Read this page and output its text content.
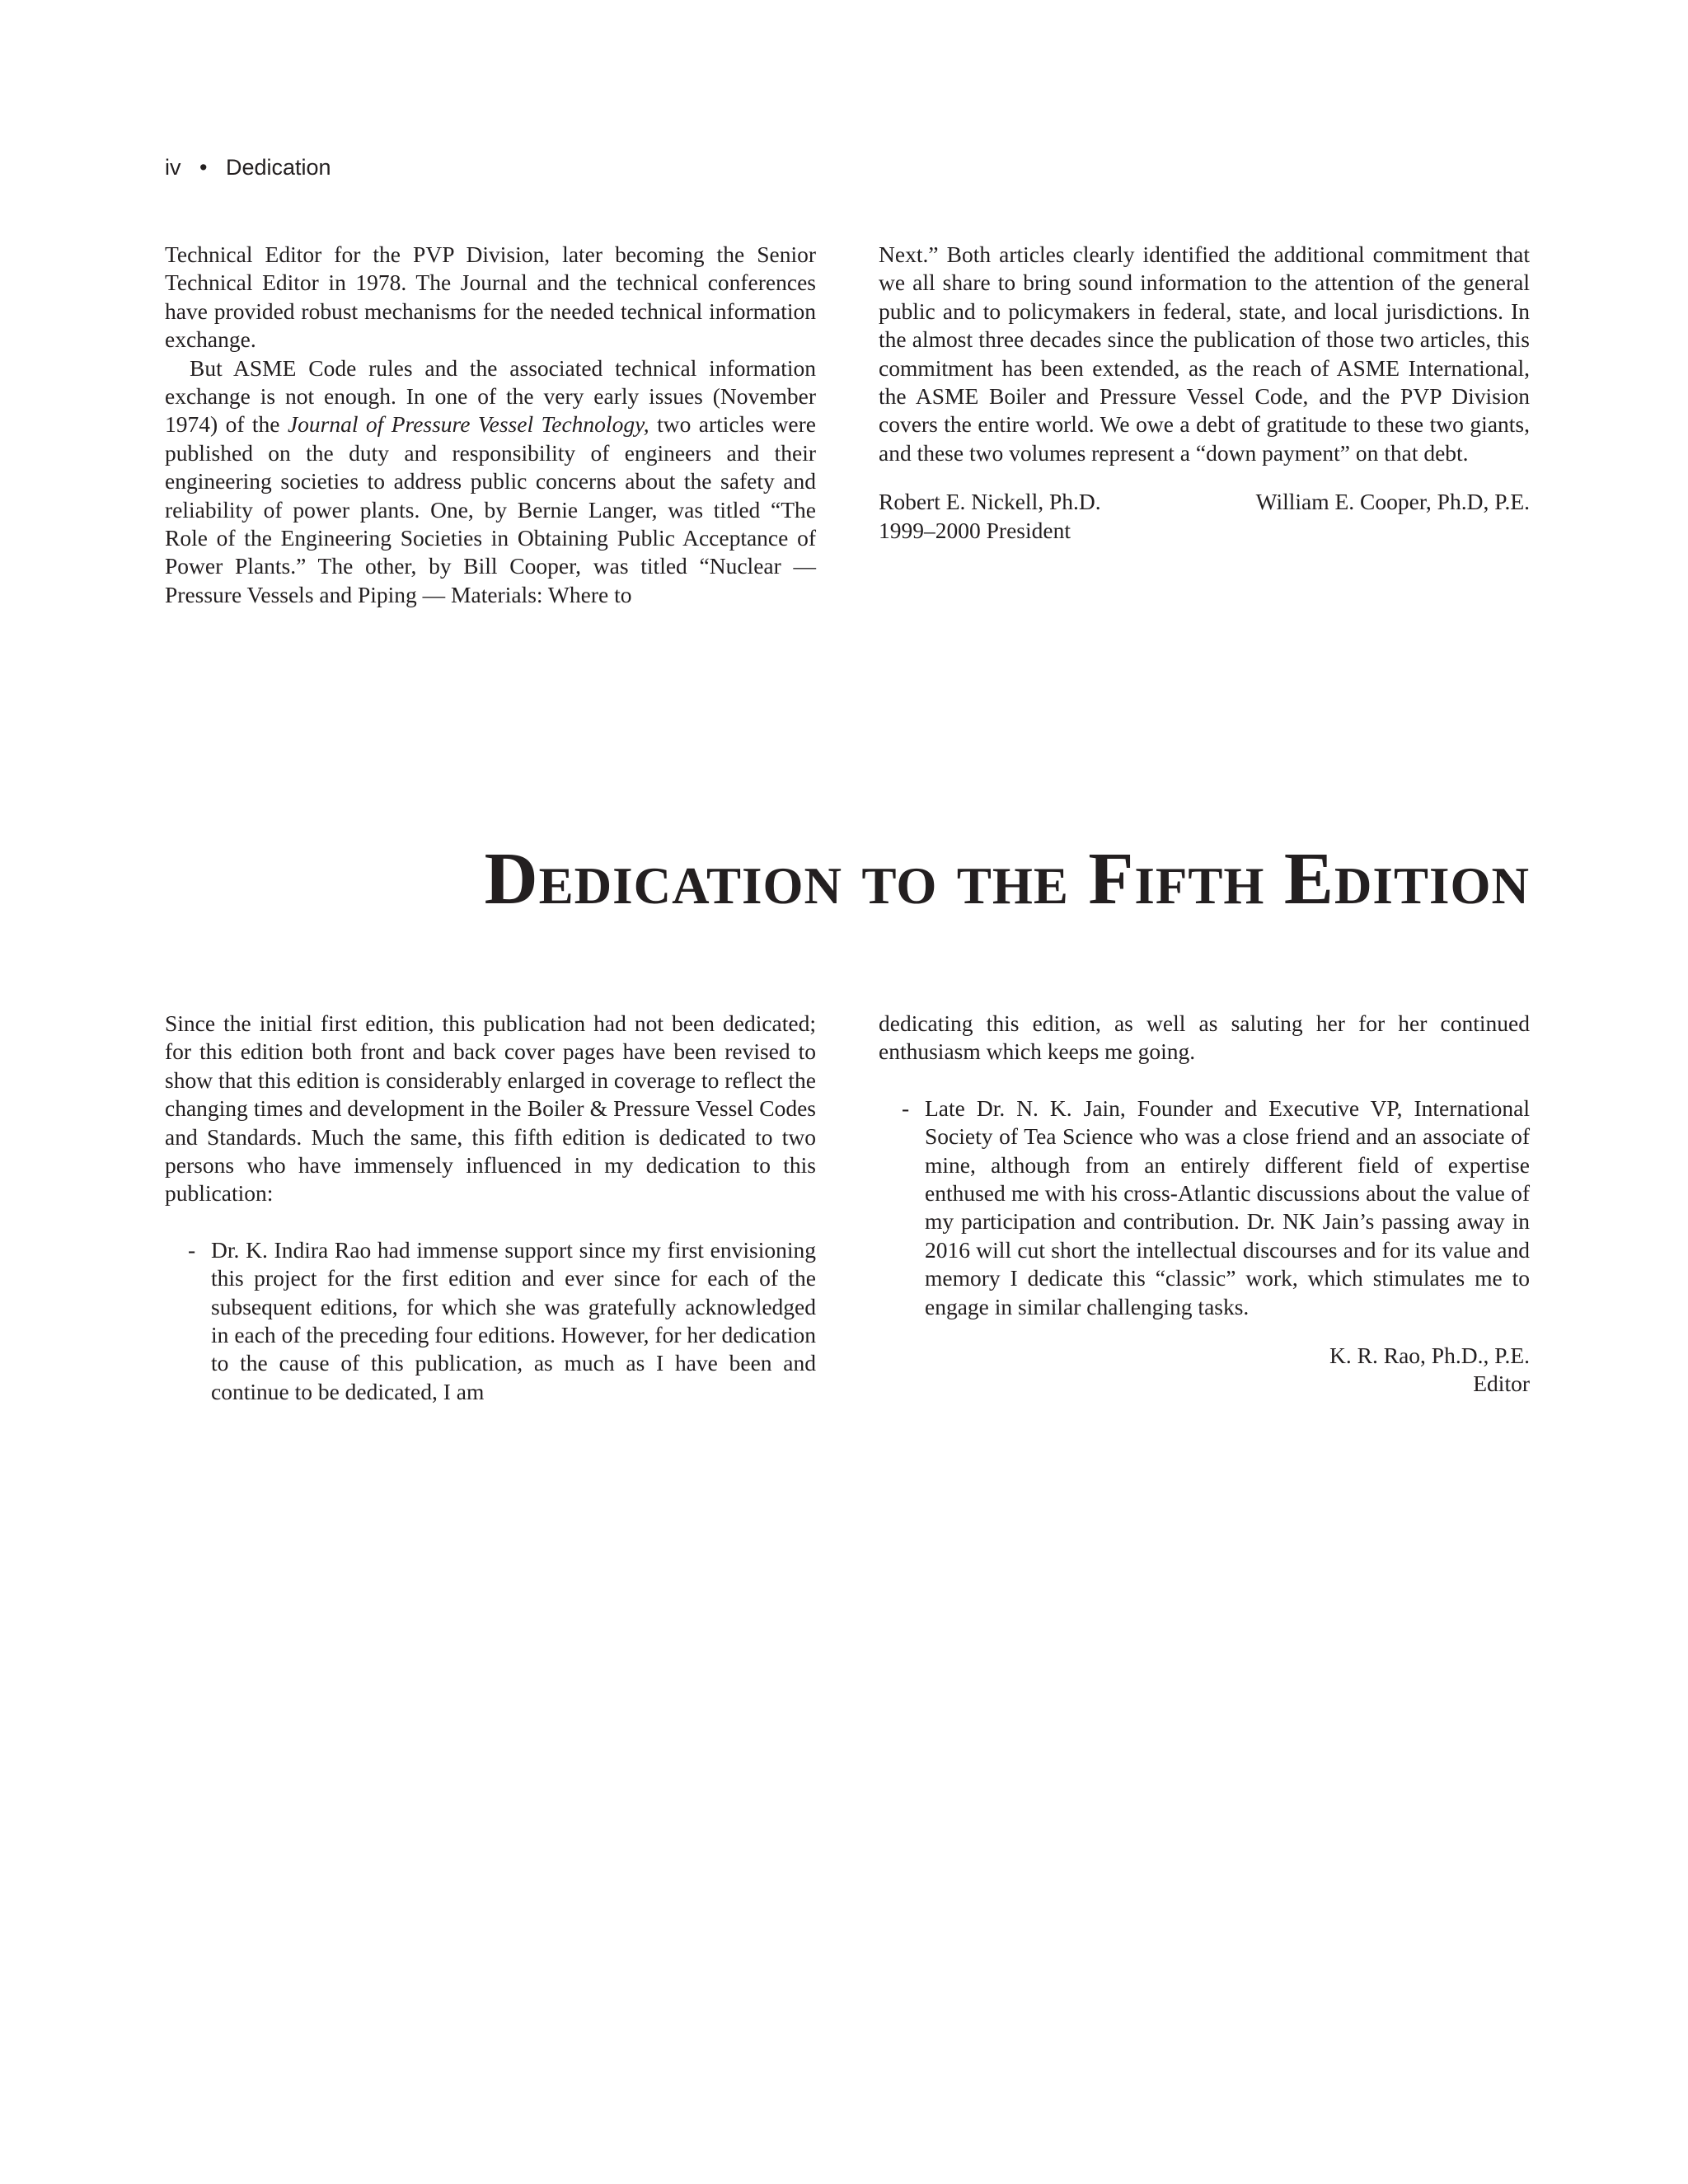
iv • Dedication

Technical Editor for the PVP Division, later becoming the Senior Technical Editor in 1978. The Journal and the technical conferences have provided robust mechanisms for the needed technical information exchange.

But ASME Code rules and the associated technical information exchange is not enough. In one of the very early issues (November 1974) of the Journal of Pressure Vessel Technology, two articles were published on the duty and responsibility of engineers and their engineering societies to address public concerns about the safety and reliability of power plants. One, by Bernie Langer, was titled “The Role of the Engineering Societies in Obtaining Public Acceptance of Power Plants.” The other, by Bill Cooper, was titled “Nuclear — Pressure Vessels and Piping — Materials: Where to

Next.” Both articles clearly identified the additional commitment that we all share to bring sound information to the attention of the general public and to policymakers in federal, state, and local jurisdictions. In the almost three decades since the publication of those two articles, this commitment has been extended, as the reach of ASME International, the ASME Boiler and Pressure Vessel Code, and the PVP Division covers the entire world. We owe a debt of gratitude to these two giants, and these two volumes represent a “down payment” on that debt.

Robert E. Nickell, Ph.D.
1999–2000 President
William E. Cooper, Ph.D, P.E.
Dedication to the Fifth Edition

Since the initial first edition, this publication had not been dedicated; for this edition both front and back cover pages have been revised to show that this edition is considerably enlarged in coverage to reflect the changing times and development in the Boiler & Pressure Vessel Codes and Standards. Much the same, this fifth edition is dedicated to two persons who have immensely influenced in my dedication to this publication:

- Dr. K. Indira Rao had immense support since my first envisioning this project for the first edition and ever since for each of the subsequent editions, for which she was gratefully acknowledged in each of the preceding four editions. However, for her dedication to the cause of this publication, as much as I have been and continue to be dedicated, I am

dedicating this edition, as well as saluting her for her continued enthusiasm which keeps me going.

- Late Dr. N. K. Jain, Founder and Executive VP, International Society of Tea Science who was a close friend and an associate of mine, although from an entirely different field of expertise enthused me with his cross-Atlantic discussions about the value of my participation and contribution. Dr. NK Jain’s passing away in 2016 will cut short the intellectual discourses and for its value and memory I dedicate this “classic” work, which stimulates me to engage in similar challenging tasks.
K. R. Rao, Ph.D., P.E.
Editor
